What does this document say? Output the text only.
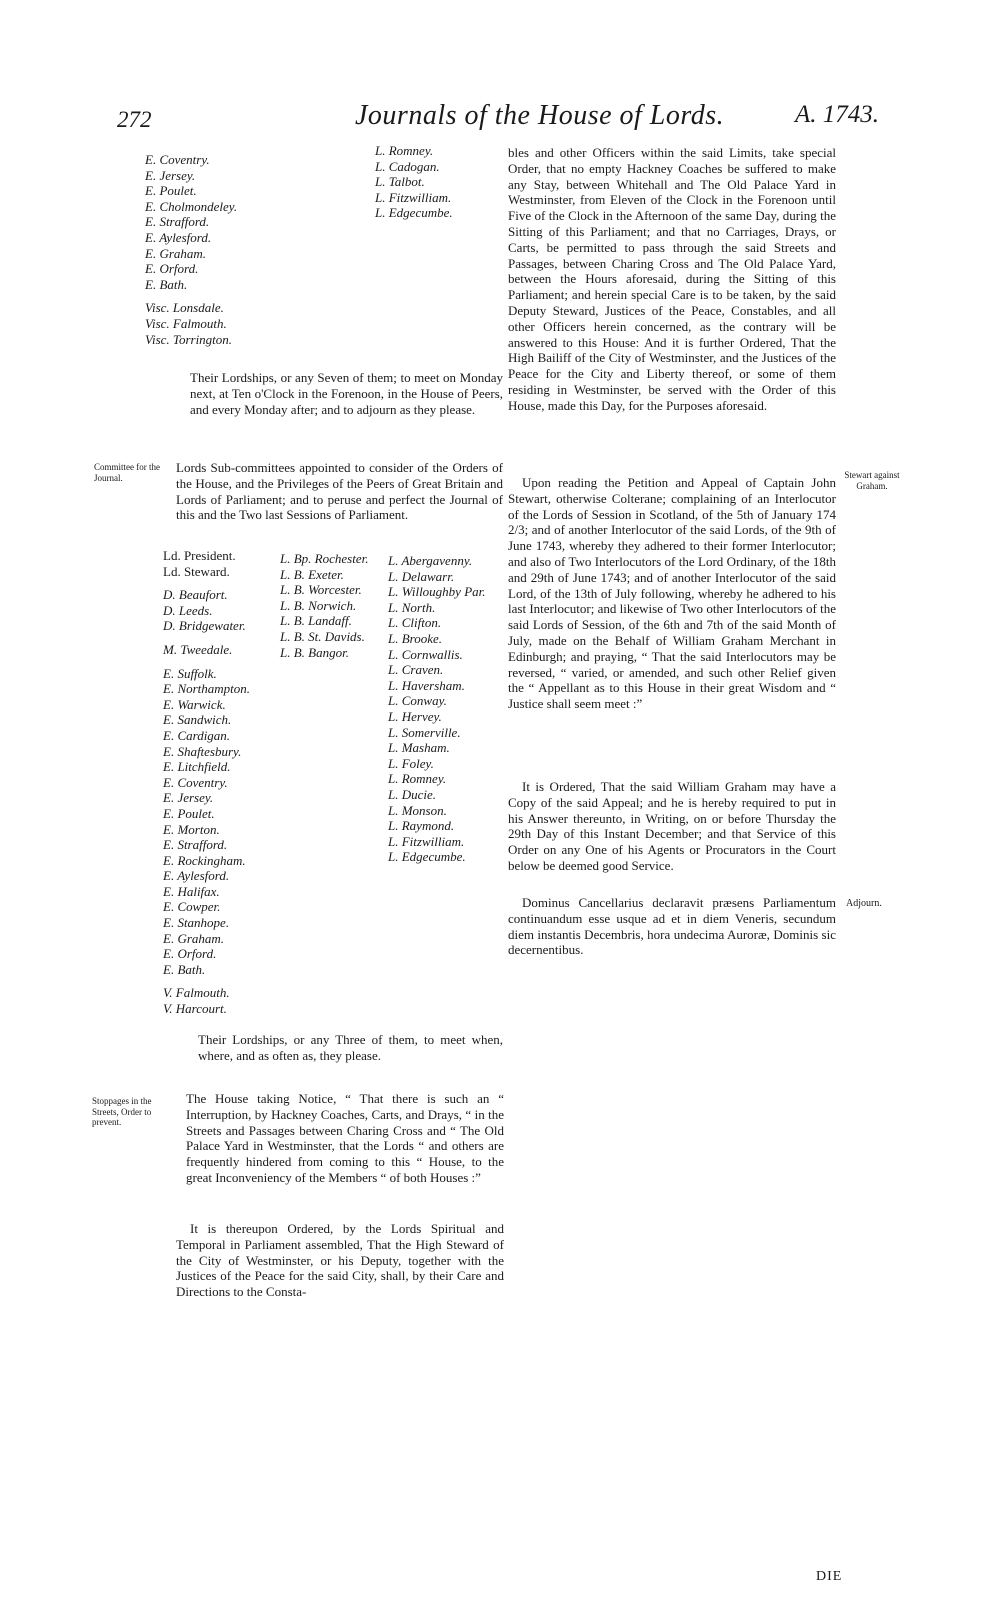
272	Journals of the House of Lords.	A. 1743.
E. Coventry.
E. Jersey.
E. Poulet.
E. Cholmondeley.
E. Strafford.
E. Aylesford.
E. Graham.
E. Orford.
E. Bath.
Visc. Lonsdale.
Visc. Falmouth.
Visc. Torrington.
L. Romney.
L. Cadogan.
L. Talbot.
L. Fitzwilliam.
L. Edgecumbe.

Their Lordships, or any Seven of them; to meet on Monday next, at Ten o'Clock in the Forenoon, in the House of Peers, and every Monday after; and to adjourn as they please.

Committee for the Journal.

Lords Sub-committees appointed to consider of the Orders of the House, and the Privileges of the Peers of Great Britain and Lords of Parliament; and to peruse and perfect the Journal of this and the Two last Sessions of Parliament.

Ld. President.
Ld. Steward.
D. Beaufort.
D. Leeds.
D. Bridgewater.
M. Tweedale.
E. Suffolk.
E. Northampton.
E. Warwick.
E. Sandwich.
E. Cardigan.
E. Shaftesbury.
E. Litchfield.
E. Coventry.
E. Jersey.
E. Poulet.
E. Morton.
E. Strafford.
E. Rockingham.
E. Aylesford.
E. Halifax.
E. Cowper.
E. Stanhope.
E. Graham.
E. Orford.
E. Bath.
V. Falmouth.
V. Harcourt.
L. Bp. Rochester.
L. B. Exeter.
L. B. Worcester.
L. B. Norwich.
L. B. Landaff.
L. B. St. Davids.
L. B. Bangor.
L. Abergavenny.
L. Delawarr.
L. Willoughby Par.
L. North.
L. Clifton.
L. Brooke.
L. Cornwallis.
L. Craven.
L. Haversham.
L. Conway.
L. Hervey.
L. Somerville.
L. Masham.
L. Foley.
L. Romney.
L. Ducie.
L. Monson.
L. Raymond.
L. Fitzwilliam.
L. Edgecumbe.

Their Lordships, or any Three of them, to meet when, where, and as often as, they please.

Stoppages in the Streets, Order to prevent.

The House taking Notice, “ That there is such an “ Interruption, by Hackney Coaches, Carts, and Drays, “ in the Streets and Passages between Charing Cross and “ The Old Palace Yard in Westminster, that the Lords “ and others are frequently hindered from coming to this “ House, to the great Inconveniency of the Members “ of both Houses :”

It is thereupon Ordered, by the Lords Spiritual and Temporal in Parliament assembled, That the High Steward of the City of Westminster, or his Deputy, together with the Justices of the Peace for the said City, shall, by their Care and Directions to the Consta-

bles and other Officers within the said Limits, take special Order, that no empty Hackney Coaches be suffered to make any Stay, between Whitehall and The Old Palace Yard in Westminster, from Eleven of the Clock in the Forenoon until Five of the Clock in the Afternoon of the same Day, during the Sitting of this Parliament; and that no Carriages, Drays, or Carts, be permitted to pass through the said Streets and Passages, between Charing Cross and The Old Palace Yard, between the Hours aforesaid, during the Sitting of this Parliament; and herein special Care is to be taken, by the said Deputy Steward, Justices of the Peace, Constables, and all other Officers herein concerned, as the contrary will be answered to this House: And it is further Ordered, That the High Bailiff of the City of Westminster, and the Justices of the Peace for the City and Liberty thereof, or some of them residing in Westminster, be served with the Order of this House, made this Day, for the Purposes aforesaid.

Stewart against Graham.

Upon reading the Petition and Appeal of Captain John Stewart, otherwise Colterane; complaining of an Interlocutor of the Lords of Session in Scotland, of the 5th of January 174 2/3; and of another Interlocutor of the said Lords, of the 9th of June 1743, whereby they adhered to their former Interlocutor; and also of Two Interlocutors of the Lord Ordinary, of the 18th and 29th of June 1743; and of another Interlocutor of the said Lord, of the 13th of July following, whereby he adhered to his last Interlocutor; and likewise of Two other Interlocutors of the said Lords of Session, of the 6th and 7th of the said Month of July, made on the Behalf of William Graham Merchant in Edinburgh; and praying, “ That the said Interlocutors may be reversed, “ varied, or amended, and such other Relief given the “ Appellant as to this House in their great Wisdom and “ Justice shall seem meet :”

It is Ordered, That the said William Graham may have a Copy of the said Appeal; and he is hereby required to put in his Answer thereunto, in Writing, on or before Thursday the 29th Day of this Instant December; and that Service of this Order on any One of his Agents or Procurators in the Court below be deemed good Service.

Adjourn.

Dominus Cancellarius declaravit præsens Parliamentum continuandum esse usque ad et in diem Veneris, secundum diem instantis Decembris, hora undecima Auroræ, Dominis sic decernentibus.

DIE
